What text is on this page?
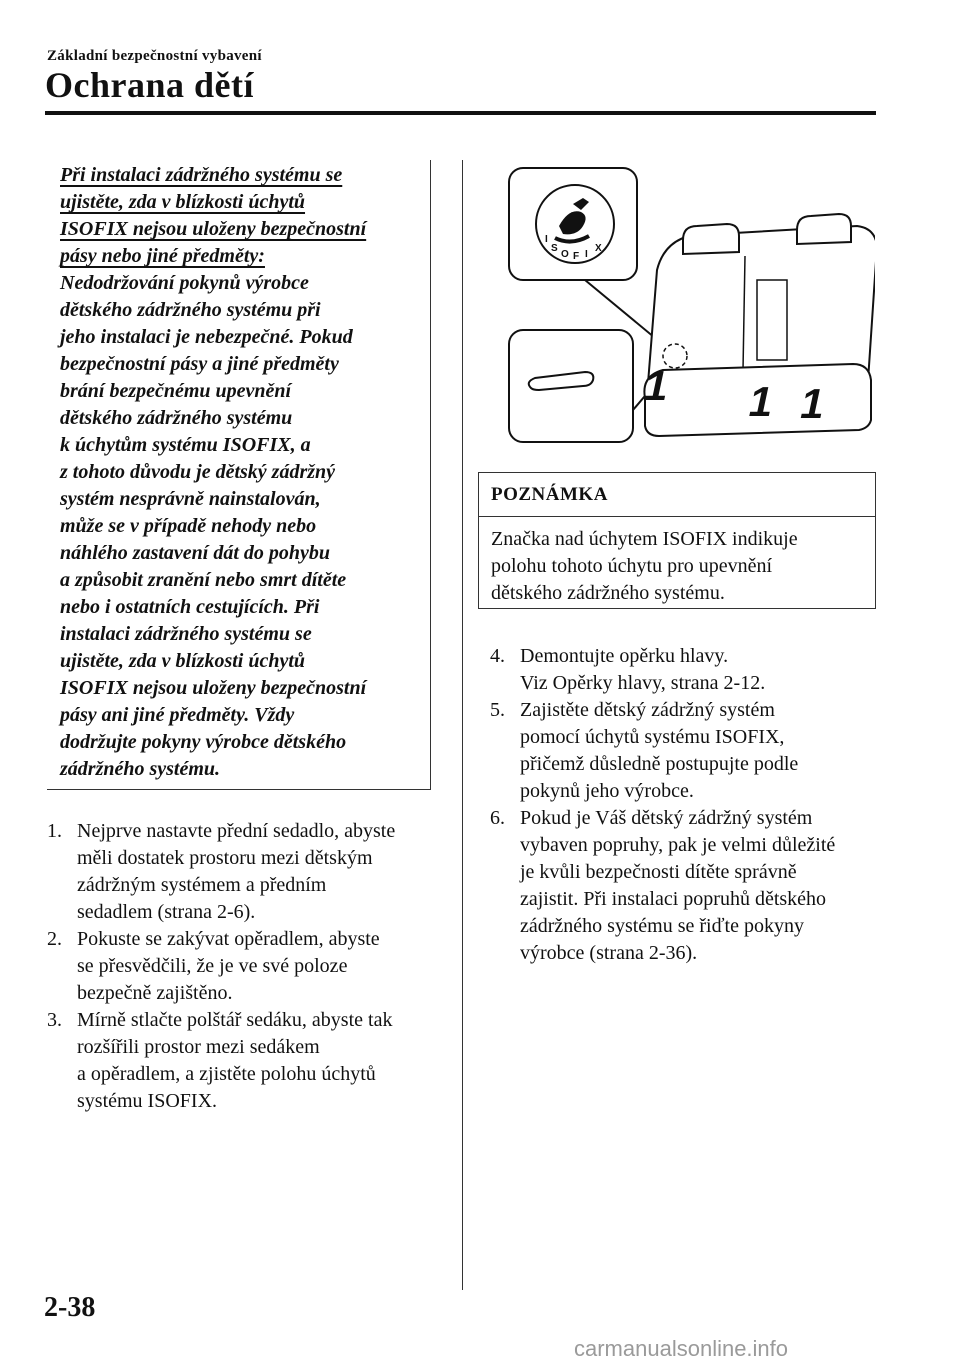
Základní bezpečnostní vybavení
Ochrana dětí
Při instalaci zádržného systému se
ujistěte, zda v blízkosti úchytů
ISOFIX nejsou uloženy bezpečnostní
pásy nebo jiné předměty:
Nedodržování pokynů výrobce
dětského zádržného systému při
jeho instalaci je nebezpečné. Pokud
bezpečnostní pásy a jiné předměty
brání bezpečnému upevnění
dětského zádržného systému
k úchytům systému ISOFIX, a
z tohoto důvodu je dětský zádržný
systém nesprávně nainstalován,
může se v případě nehody nebo
náhlého zastavení dát do pohybu
a způsobit zranění nebo smrt dítěte
nebo i ostatních cestujících. Při
instalaci zádržného systému se
ujistěte, zda v blízkosti úchytů
ISOFIX nejsou uloženy bezpečnostní
pásy ani jiné předměty. Vždy
dodržujte pokyny výrobce dětského
zádržného systému.
1. Nejprve nastavte přední sedadlo, abyste
měli dostatek prostoru mezi dětským
zádržným systémem a předním
sedadlem (strana 2-6).
2. Pokuste se zakývat opěradlem, abyste
se přesvědčili, že je ve své poloze
bezpečně zajištěno.
3. Mírně stlačte polštář sedáku, abyste tak
rozšířili prostor mezi sedákem
a opěradlem, a zjistěte polohu úchytů
systému ISOFIX.
I
S
O F I
X
1 1 1
POZNÁMKA
Značka nad úchytem ISOFIX indikuje
polohu tohoto úchytu pro upevnění
dětského zádržného systému.
4. Demontujte opěrku hlavy.
Viz Opěrky hlavy, strana 2-12.
5. Zajistěte dětský zádržný systém
pomocí úchytů systému ISOFIX,
přičemž důsledně postupujte podle
pokynů jeho výrobce.
6. Pokud je Váš dětský zádržný systém
vybaven popruhy, pak je velmi důležité
je kvůli bezpečnosti dítěte správně
zajistit. Při instalaci popruhů dětského
zádržného systému se řiďte pokyny
výrobce (strana 2-36).
2-38
carmanualsonline.info
